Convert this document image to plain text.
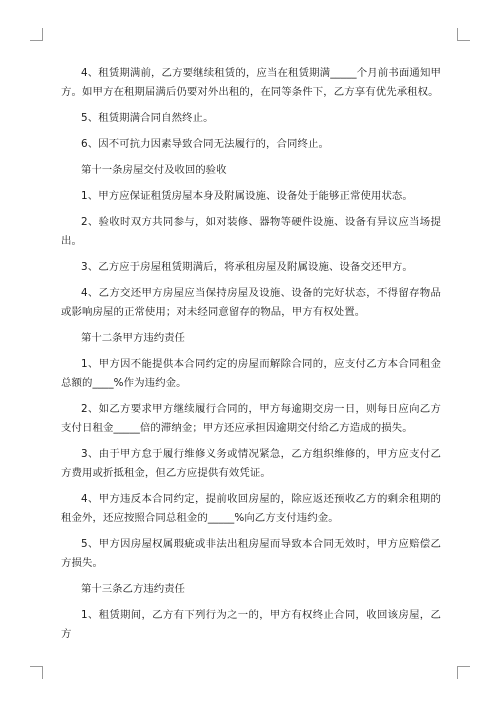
4、租赁期满前，乙方要继续租赁的，应当在租赁期满_____个月前书面通知甲方。如甲方在租期届满后仍要对外出租的，在同等条件下，乙方享有优先承租权。

5、租赁期满合同自然终止。

6、因不可抗力因素导致合同无法履行的，合同终止。

第十一条房屋交付及收回的验收

1、甲方应保证租赁房屋本身及附属设施、设备处于能够正常使用状态。

2、验收时双方共同参与，如对装修、器物等硬件设施、设备有异议应当场提出。

3、乙方应于房屋租赁期满后，将承租房屋及附属设施、设备交还甲方。

4、乙方交还甲方房屋应当保持房屋及设施、设备的完好状态，不得留存物品或影响房屋的正常使用；对未经同意留存的物品，甲方有权处置。

第十二条甲方违约责任

1、甲方因不能提供本合同约定的房屋而解除合同的，应支付乙方本合同租金总额的____%作为违约金。

2、如乙方要求甲方继续履行合同的，甲方每逾期交房一日，则每日应向乙方支付日租金_____倍的滞纳金；甲方还应承担因逾期交付给乙方造成的损失。

3、由于甲方怠于履行维修义务或情况紧急，乙方组织维修的，甲方应支付乙方费用或折抵租金，但乙方应提供有效凭证。

4、甲方违反本合同约定，提前收回房屋的，除应返还预收乙方的剩余租期的租金外，还应按照合同总租金的_____%向乙方支付违约金。

5、甲方因房屋权属瑕疵或非法出租房屋而导致本合同无效时，甲方应赔偿乙方损失。

第十三条乙方违约责任

1、租赁期间，乙方有下列行为之一的，甲方有权终止合同，收回该房屋，乙方
